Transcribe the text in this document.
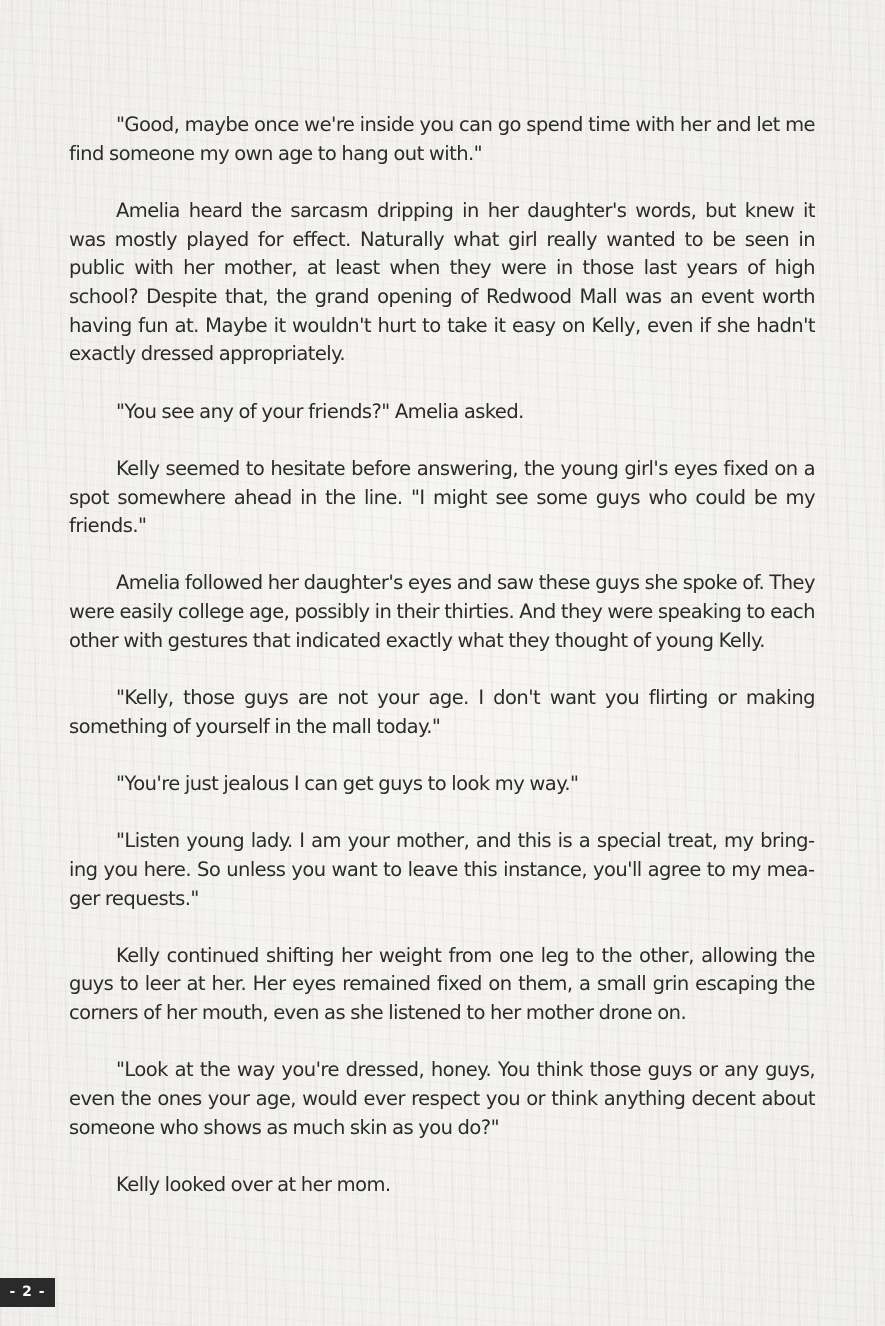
"Good, maybe once we're inside you can go spend time with her and let me find someone my own age to hang out with."

Amelia heard the sarcasm dripping in her daughter's words, but knew it was mostly played for effect. Naturally what girl really wanted to be seen in public with her mother, at least when they were in those last years of high school? Despite that, the grand opening of Redwood Mall was an event worth having fun at. Maybe it wouldn't hurt to take it easy on Kelly, even if she hadn't exactly dressed appropriately.

"You see any of your friends?" Amelia asked.

Kelly seemed to hesitate before answering, the young girl's eyes fixed on a spot somewhere ahead in the line. "I might see some guys who could be my friends."

Amelia followed her daughter's eyes and saw these guys she spoke of. They were easily college age, possibly in their thirties. And they were speaking to each other with gestures that indicated exactly what they thought of young Kelly.

"Kelly, those guys are not your age. I don't want you flirting or making something of yourself in the mall today."

"You're just jealous I can get guys to look my way."

"Listen young lady. I am your mother, and this is a special treat, my bringing you here. So unless you want to leave this instance, you'll agree to my meager requests."

Kelly continued shifting her weight from one leg to the other, allowing the guys to leer at her. Her eyes remained fixed on them, a small grin escaping the corners of her mouth, even as she listened to her mother drone on.

"Look at the way you're dressed, honey. You think those guys or any guys, even the ones your age, would ever respect you or think anything decent about someone who shows as much skin as you do?"

Kelly looked over at her mom.

- 2 -
